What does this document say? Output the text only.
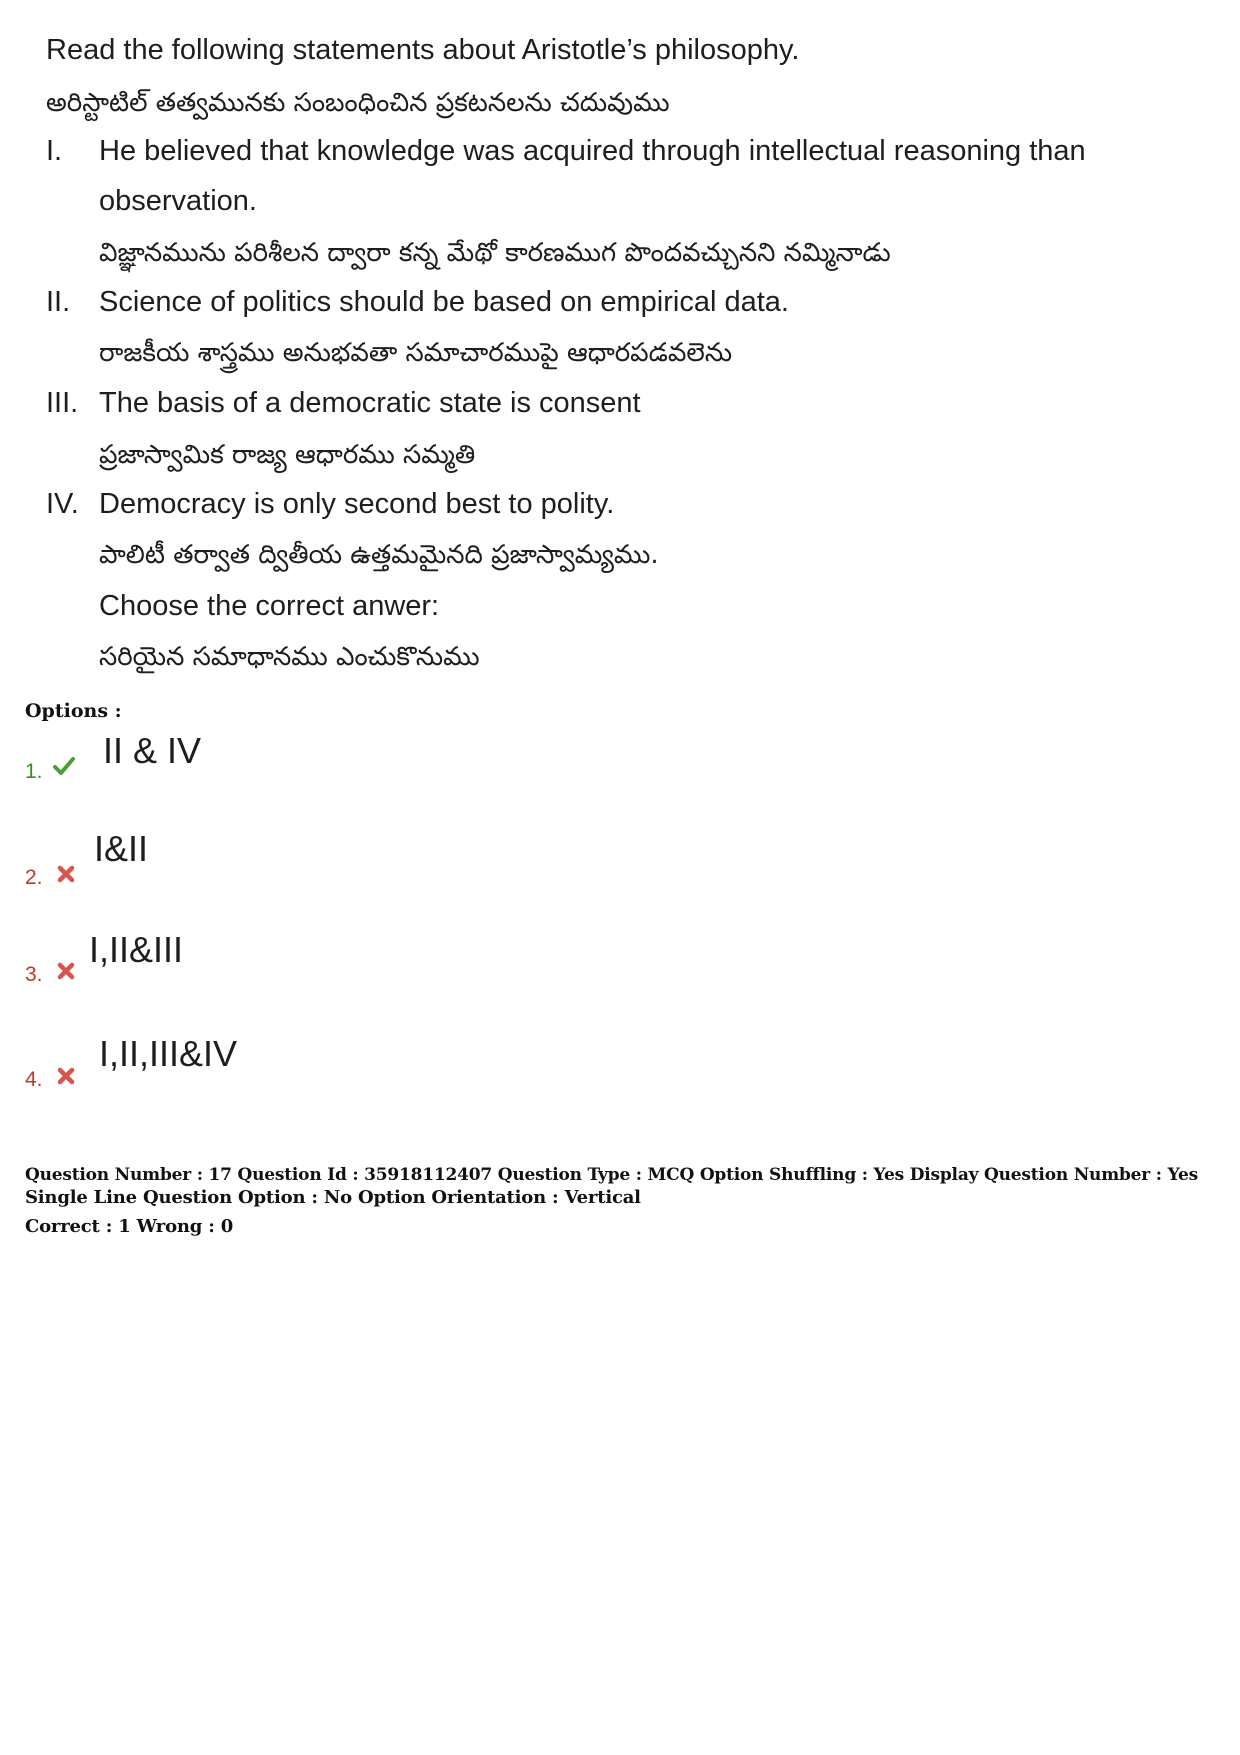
Read the following statements about Aristotle’s philosophy.
అరిస్టాటిల్ తత్వమునకు సంబంధించిన ప్రకటనలను చదువుము
I. He believed that knowledge was acquired through intellectual reasoning than
observation.
విజ్ఞానమును పరిశీలన ద్వారా కన్న మేథో కారణముగ పొందవచ్చునని నమ్మినాడు
II. Science of politics should be based on empirical data.
రాజకీయ శాస్త్రము అనుభవతా సమాచారముపై ఆధారపడవలెను
III. The basis of a democratic state is consent
ప్రజాస్వామిక రాజ్య ఆధారము సమ్మతి
IV. Democracy is only second best to polity.
పాలిటీ తర్వాత ద్వితీయ ఉత్తమమైనది ప్రజాస్వామ్యము.
Choose the correct anwer:
సరియైన సమాధానము ఎంచుకొనుము
Options :
1.
II & IV
2.
I&II
3.
I,II&III
4.
I,II,III&IV
Question Number : 17 Question Id : 35918112407 Question Type : MCQ Option Shuffling : Yes Display Question Number : Yes
Single Line Question Option : No Option Orientation : Vertical
Correct : 1 Wrong : 0
